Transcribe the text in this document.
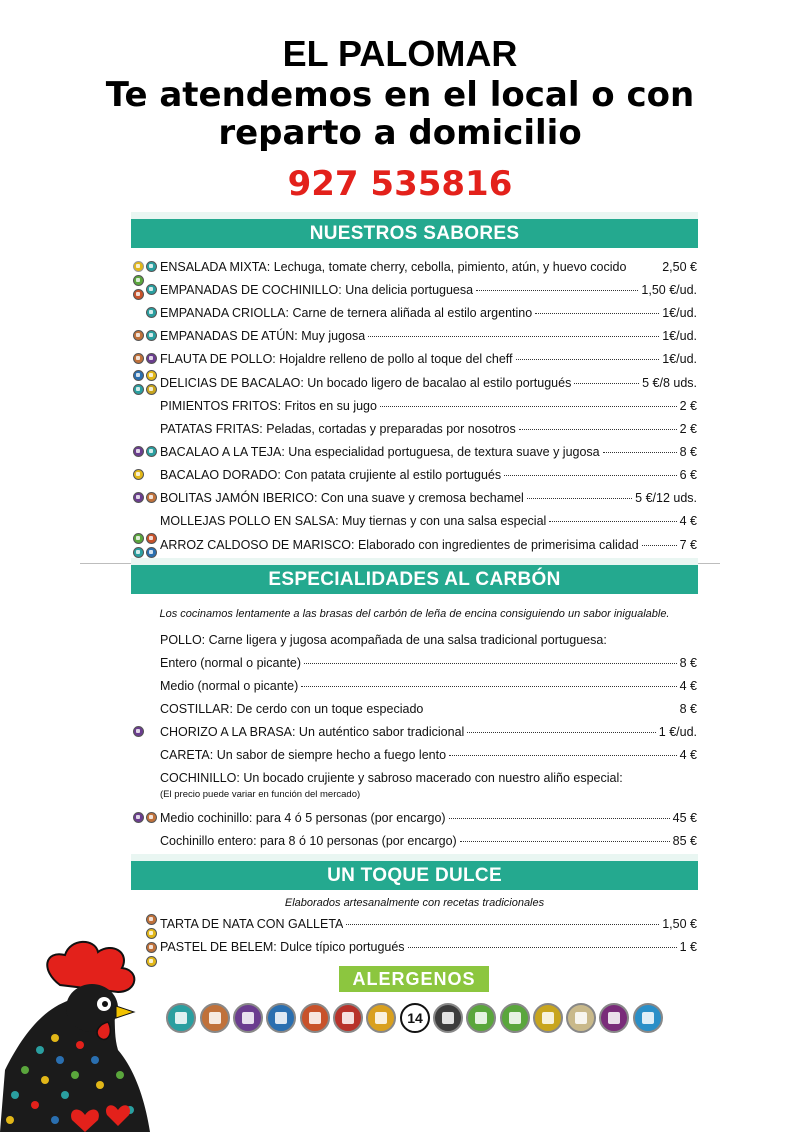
EL PALOMAR
Te atendemos en el local o con
reparto a domicilio
927 535816
NUESTROS SABORES
ENSALADA MIXTA: Lechuga, tomate cherry, cebolla, pimiento, atún, y huevo cocido	2,50 €
EMPANADAS DE COCHINILLO: Una delicia portuguesa	1,50 €/ud.
EMPANADA CRIOLLA: Carne de ternera aliñada al estilo argentino	1€/ud.
EMPANADAS DE ATÚN: Muy jugosa	1€/ud.
FLAUTA DE POLLO: Hojaldre relleno de pollo al toque del cheff	1€/ud.
DELICIAS DE BACALAO: Un bocado ligero de bacalao al estilo portugués	5 €/8 uds.
PIMIENTOS FRITOS: Fritos en su jugo	2 €
PATATAS FRITAS: Peladas, cortadas y preparadas por nosotros	2 €
BACALAO A LA TEJA: Una especialidad portuguesa, de textura suave y jugosa	8 €
BACALAO DORADO: Con patata crujiente al estilo portugués	6 €
BOLITAS JAMÓN IBERICO: Con una suave y cremosa bechamel	5 €/12 uds.
MOLLEJAS POLLO EN SALSA: Muy tiernas y con una salsa especial	4 €
ARROZ CALDOSO DE MARISCO: Elaborado con ingredientes de primerisima calidad	7 €
ESPECIALIDADES AL CARBÓN
Los cocinamos lentamente a las brasas del carbón de leña de encina consiguiendo un sabor inigualable.
POLLO: Carne ligera y jugosa acompañada de una salsa tradicional portuguesa:
Entero (normal o picante)	8 €
Medio (normal o picante)	4 €
COSTILLAR: De cerdo con un toque especiado	8 €
CHORIZO A LA BRASA: Un auténtico sabor tradicional	1 €/ud.
CARETA: Un sabor de siempre hecho a fuego lento	4 €
COCHINILLO: Un bocado crujiente y sabroso macerado con nuestro aliño especial:
(El precio puede variar en función del mercado)
Medio cochinillo: para 4 ó 5 personas (por encargo)	45 €
Cochinillo entero: para 8 ó 10 personas (por encargo)	85 €
UN TOQUE DULCE
Elaborados artesanalmente con recetas tradicionales
TARTA DE NATA CON GALLETA	1,50 €
PASTEL DE BELEM: Dulce típico portugués	1 €
ALERGENOS
14
